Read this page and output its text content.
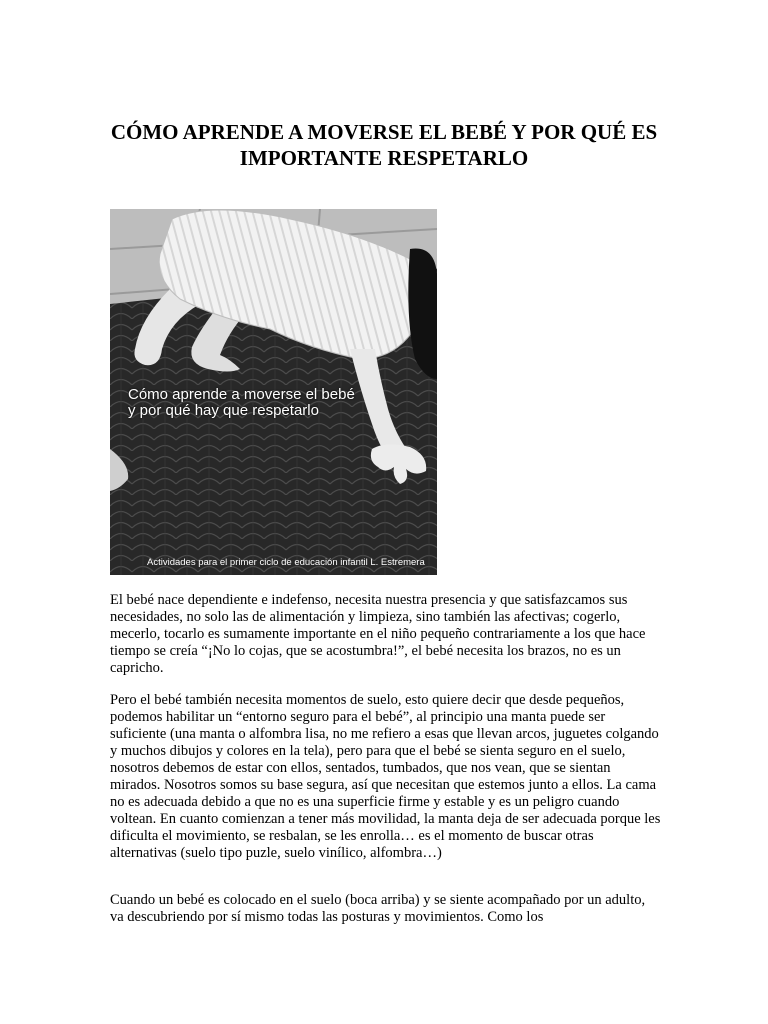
CÓMO APRENDE A MOVERSE EL BEBÉ Y POR QUÉ ES IMPORTANTE RESPETARLO
Cómo aprende a moverse el bebé
y por qué hay que respetarlo
Actividades para el primer ciclo de educación infantil L. Estremera
El bebé nace dependiente e indefenso, necesita nuestra presencia y que satisfazcamos sus necesidades, no solo las de alimentación y limpieza, sino también las afectivas; cogerlo, mecerlo, tocarlo es sumamente importante en el niño pequeño contrariamente a los que hace tiempo se creía “¡No lo cojas, que se acostumbra!”, el bebé necesita los brazos, no es un capricho.
Pero el bebé también necesita momentos de suelo, esto quiere decir que desde pequeños, podemos habilitar un “entorno seguro para el bebé”, al principio una manta puede ser suficiente (una manta o alfombra lisa, no me refiero a esas que llevan arcos, juguetes colgando y muchos dibujos y colores en la tela), pero para que el bebé se sienta seguro en el suelo, nosotros debemos de estar con ellos, sentados, tumbados, que nos vean, que se sientan mirados. Nosotros somos su base segura, así que necesitan que estemos junto a ellos. La cama no es adecuada debido a que no es una superficie firme y estable y es un peligro cuando voltean. En cuanto comienzan a tener más movilidad, la manta deja de ser adecuada porque les dificulta el movimiento, se resbalan, se les enrolla… es el momento de buscar otras alternativas (suelo tipo puzle, suelo vinílico, alfombra…)
Cuando un bebé es colocado en el suelo (boca arriba) y se siente acompañado por un adulto, va descubriendo por sí mismo todas las posturas y movimientos. Como los
